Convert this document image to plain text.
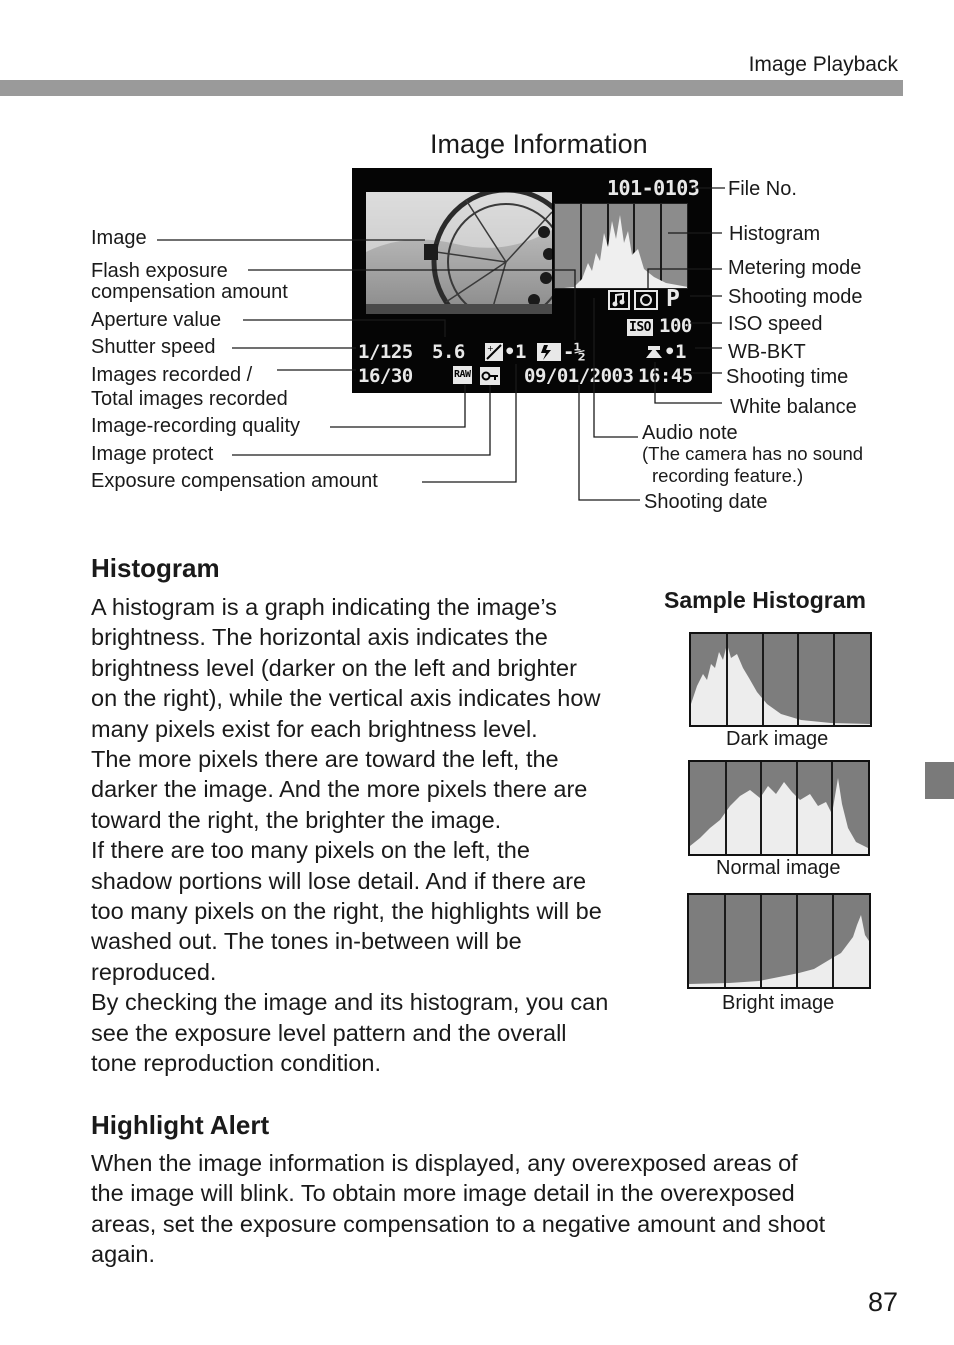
Image Playback
Image Information
101-0103
P
ISO 100
1/125 5.6	+ •1 -½	•1
16/30	RAW	09/01/2003 16:45
Image
Flash exposure
compensation amount
Aperture value
Shutter speed
Images recorded /
Total images recorded
Image-recording quality
Image protect
Exposure compensation amount
File No.
Histogram
Metering mode
Shooting mode
ISO speed
WB-BKT
Shooting time
White balance
Audio note
(The camera has no sound
recording feature.)
Shooting date
Histogram
A histogram is a graph indicating the image’s
brightness. The horizontal axis indicates the
brightness level (darker on the left and brighter
on the right), while the vertical axis indicates how
many pixels exist for each brightness level.
The more pixels there are toward the left, the
darker the image. And the more pixels there are
toward the right, the brighter the image.
If there are too many pixels on the left, the
shadow portions will lose detail. And if there are
too many pixels on the right, the highlights will be
washed out. The tones in-between will be
reproduced.
By checking the image and its histogram, you can
see the exposure level pattern and the overall
tone reproduction condition.
Sample Histogram
Dark image
Normal image
Bright image
Highlight Alert
When the image information is displayed, any overexposed areas of
the image will blink. To obtain more image detail in the overexposed
areas, set the exposure compensation to a negative amount and shoot
again.
87
